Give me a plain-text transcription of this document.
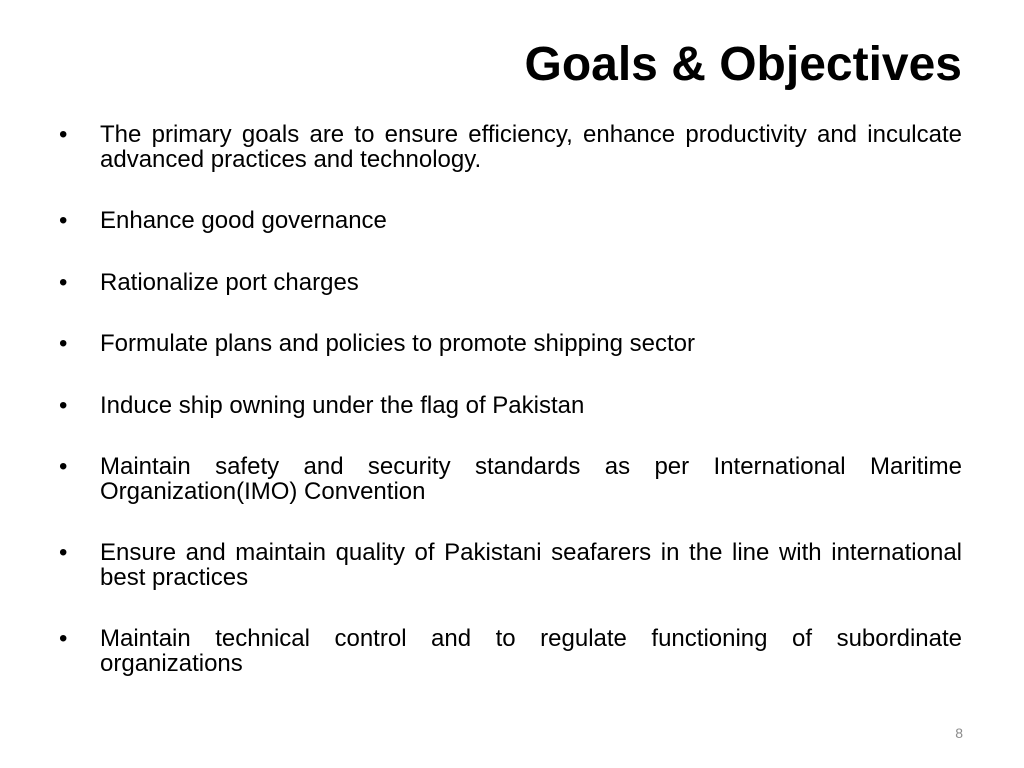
Goals & Objectives
• The primary goals are to ensure efficiency, enhance productivity and inculcate advanced practices and technology.
• Enhance good governance
• Rationalize port charges
• Formulate plans and policies to promote shipping sector
• Induce ship owning under the flag of Pakistan
• Maintain safety and security standards as per International Maritime Organization(IMO) Convention
• Ensure and maintain quality of Pakistani seafarers in the line with international best practices
• Maintain technical control and to regulate functioning of subordinate organizations
8
